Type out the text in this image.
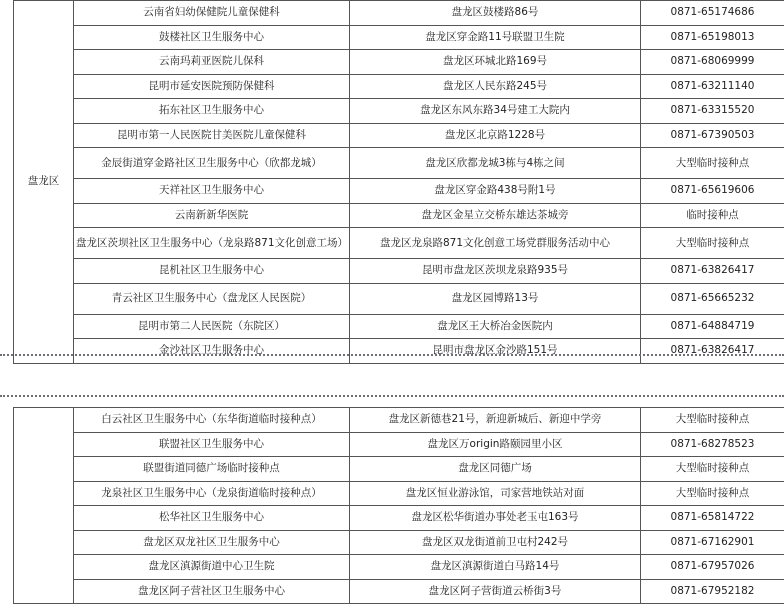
盘龙区	云南省妇幼保健院儿童保健科	盘龙区鼓楼路86号	0871-65174686
	鼓楼社区卫生服务中心	盘龙区穿金路11号联盟卫生院	0871-65198013
	云南玛莉亚医院儿保科	盘龙区环城北路169号	0871-68069999
	昆明市延安医院预防保健科	盘龙区人民东路245号	0871-63211140
	拓东社区卫生服务中心	盘龙区东风东路34号建工大院内	0871-63315520
	昆明市第一人民医院甘美医院儿童保健科	盘龙区北京路1228号	0871-67390503
	金辰街道穿金路社区卫生服务中心（欣都龙城）	盘龙区欣都龙城3栋与4栋之间	大型临时接种点
	天祥社区卫生服务中心	盘龙区穿金路438号附1号	0871-65619606
	云南新新华医院	盘龙区金星立交桥东雄达茶城旁	临时接种点
	盘龙区茨坝社区卫生服务中心（龙泉路871文化创意工场）	盘龙区龙泉路871文化创意工场党群服务活动中心	大型临时接种点
	昆机社区卫生服务中心	昆明市盘龙区茨坝龙泉路935号	0871-63826417
	青云社区卫生服务中心（盘龙区人民医院）	盘龙区园博路13号	0871-65665232
	昆明市第二人民医院（东院区）	盘龙区王大桥冶金医院内	0871-64884719
	金沙社区卫生服务中心	昆明市盘龙区金沙路151号	0871-63826417
	白云社区卫生服务中心（东华街道临时接种点）	盘龙区新德巷21号，新迎新城后、新迎中学旁	大型临时接种点
	联盟社区卫生服务中心	盘龙区万origin路颐园里小区	0871-68278523
	联盟街道同德广场临时接种点	盘龙区同德广场	大型临时接种点
	龙泉社区卫生服务中心（龙泉街道临时接种点）	盘龙区恒业游泳馆，司家营地铁站对面	大型临时接种点
	松华社区卫生服务中心	盘龙区松华街道办事处老玉屯163号	0871-65814722
	盘龙区双龙社区卫生服务中心	盘龙区双龙街道前卫屯村242号	0871-67162901
	盘龙区滇源街道中心卫生院	盘龙区滇源街道白马路14号	0871-67957026
	盘龙区阿子营社区卫生服务中心	盘龙区阿子营街道云桥街3号	0871-67952182
